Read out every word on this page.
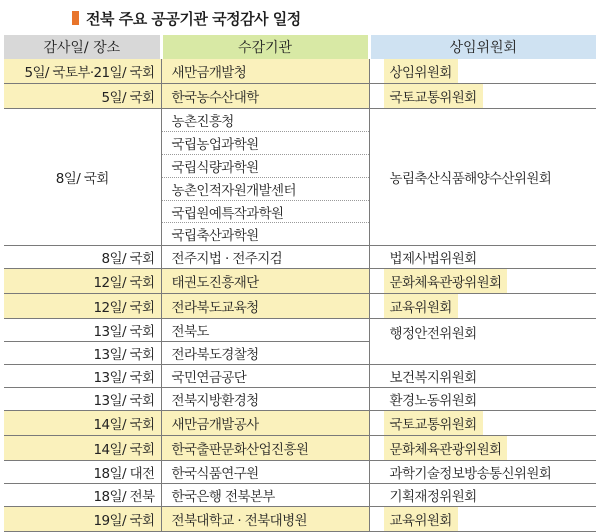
전북 주요 공공기관 국정감사 일정
감사일/ 장소	수감기관	상임위원회
5일/ 국토부·21일/ 국회	새만금개발청	상임위원회
5일/ 국회	한국농수산대학	국토교통위원회
8일/ 국회	농촌진흥청	농림축산식품해양수산위원회
	국립농업과학원	
	국립식량과학원	
	농촌인적자원개발센터	
	국립원예특작과학원	
	국립축산과학원	
8일/ 국회	전주지법 · 전주지검	법제사법위원회
12일/ 국회	태권도진흥재단	문화체육관광위원회
12일/ 국회	전라북도교육청	교육위원회
13일/ 국회	전북도	행정안전위원회
13일/ 국회	전라북도경찰청	
13일/ 국회	국민연금공단	보건복지위원회
13일/ 국회	전북지방환경청	환경노동위원회
14일/ 국회	새만금개발공사	국토교통위원회
14일/ 국회	한국출판문화산업진흥원	문화체육관광위원회
18일/ 대전	한국식품연구원	과학기술정보방송통신위원회
18일/ 전북	한국은행 전북본부	기획재정위원회
19일/ 국회	전북대학교 · 전북대병원	교육위원회
